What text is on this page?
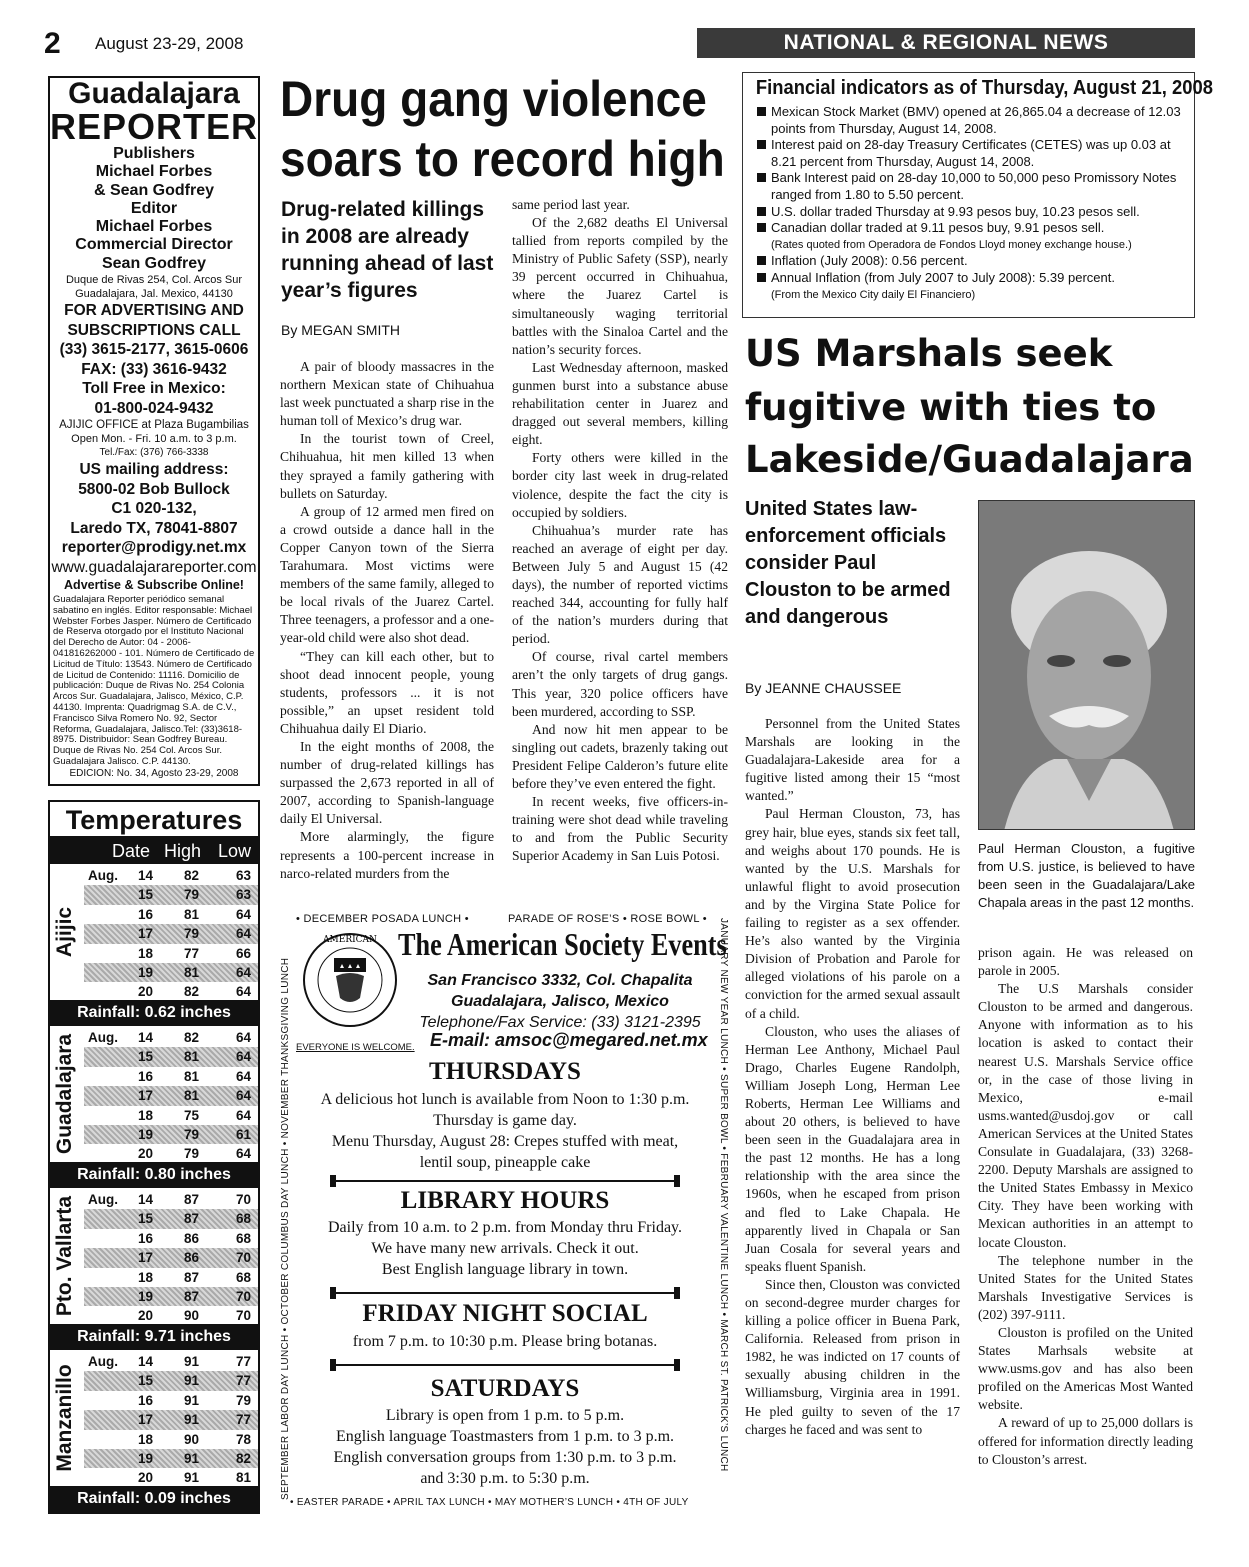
2 August 23-29, 2008	NATIONAL & REGIONAL NEWS
Guadalajara
REPORTER
Publishers
Michael Forbes
& Sean Godfrey
Editor
Michael Forbes
Commercial Director
Sean Godfrey
Duque de Rivas 254, Col. Arcos Sur
Guadalajara, Jal. Mexico, 44130
FOR ADVERTISING AND
SUBSCRIPTIONS CALL
(33) 3615-2177, 3615-0606
FAX: (33) 3616-9432
Toll Free in Mexico:
01-800-024-9432
AJIJIC OFFICE at Plaza Bugambilias
Open Mon. - Fri. 10 a.m. to 3 p.m.
Tel./Fax: (376) 766-3338
US mailing address:
5800-02 Bob Bullock
C1 020-132,
Laredo TX, 78041-8807
reporter@prodigy.net.mx
www.guadalajarareporter.com
Advertise & Subscribe Online!
Guadalajara Reporter periódico semanal sabatino en inglés. Editor responsable: Michael Webster Forbes Jasper. Número de Certificado de Reserva otorgado por el Instituto Nacional del Derecho de Autor: 04 - 2006- 041816262000 - 101. Número de Certificado de Licitud de Título: 13543. Número de Certificado de Licitud de Contenido: 11116. Domicilio de publicación: Duque de Rivas No. 254 Colonia Arcos Sur. Guadalajara, Jalisco, México, C.P. 44130. Imprenta: Quadrigmag S.A. de C.V., Francisco Silva Romero No. 92, Sector Reforma, Guadalajara, Jalisco.Tel: (33)3618-8975. Distribuidor: Sean Godfrey Bureau. Duque de Rivas No. 254 Col. Arcos Sur. Guadalajara Jalisco. C.P. 44130.
EDICION: No. 34, Agosto 23-29, 2008
Temperatures
Date High Low
Ajijic
Aug. 14 82	63
15 79	63
16 81	64
17 79	64
18 77	66
19 81	64
20 82	64
Rainfall: 0.62 inches
Guadalajara Aug. 14 82	64
15 81	64
16 81	64
17 81	64
18 75	64
19 79	61
20 79	64
Rainfall: 0.80 inches
Pto. Vallarta Aug. 14 87	70
15 87	68
16 86	68
17 86	70
18 87	68
19 87	70
20 90	70
Rainfall: 9.71 inches
Manzanillo
Aug. 14 91	77
15 91	77
16 91	79
17 91	77
18 90	78
19 91	82
20 91	81
Rainfall: 0.09 inches
Drug gang violence
soars to record high
Drug-related killings in 2008 are already running ahead of last year’s figures
By MEGAN SMITH

A pair of bloody massacres in the northern Mexican state of Chihuahua last week punctuated a sharp rise in the human toll of Mexico’s drug war.

In the tourist town of Creel, Chihuahua, hit men killed 13 when they sprayed a family gathering with bullets on Saturday.

A group of 12 armed men fired on a crowd outside a dance hall in the Copper Canyon town of the Sierra Tarahumara. Most victims were members of the same family, alleged to be local rivals of the Juarez Cartel. Three teenagers, a professor and a one-year-old child were also shot dead.

“They can kill each other, but to shoot dead innocent people, young students, professors ... it is not possible,” an upset resident told Chihuahua daily El Diario.

In the eight months of 2008, the number of drug-related killings has surpassed the 2,673 reported in all of 2007, according to Spanish-language daily El Universal.

More alarmingly, the figure represents a 100-percent increase in narco-related murders from the

same period last year.

Of the 2,682 deaths El Universal tallied from reports compiled by the Ministry of Public Safety (SSP), nearly 39 percent occurred in Chihuahua, where the Juarez Cartel is simultaneously waging territorial battles with the Sinaloa Cartel and the nation’s security forces.

Last Wednesday afternoon, masked gunmen burst into a substance abuse rehabilitation center in Juarez and dragged out several members, killing eight.

Forty others were killed in the border city last week in drug-related violence, despite the fact the city is occupied by soldiers.

Chihuahua’s murder rate has reached an average of eight per day. Between July 5 and August 15 (42 days), the number of reported victims reached 344, accounting for fully half of the nation’s murders during that period.

Of course, rival cartel members aren’t the only targets of drug gangs. This year, 320 police officers have been murdered, according to SSP.

And now hit men appear to be singling out cadets, brazenly taking out President Felipe Calderon’s future elite before they’ve even entered the fight.

In recent weeks, five officers-in-training were shot dead while traveling to and from the Public Security Superior Academy in San Luis Potosi.

Financial indicators as of Thursday, August 21, 2008
Mexican Stock Market (BMV) opened at 26,865.04 a decrease of 12.03 points from Thursday, August 14, 2008.
Interest paid on 28-day Treasury Certificates (CETES) was up 0.03 at 8.21 percent from Thursday, August 14, 2008.
Bank Interest paid on 28-day 10,000 to 50,000 peso Promissory Notes ranged from 1.80 to 5.50 percent.
U.S. dollar traded Thursday at 9.93 pesos buy, 10.23 pesos sell.
Canadian dollar traded at 9.11 pesos buy, 9.91 pesos sell.
(Rates quoted from Operadora de Fondos Lloyd money exchange house.)
Inflation (July 2008): 0.56 percent.
Annual Inflation (from July 2007 to July 2008): 5.39 percent.
(From the Mexico City daily El Financiero)
US Marshals seek
fugitive with ties to
Lakeside/Guadalajara
United States law-enforcement officials consider Paul Clouston to be armed and dangerous
By JEANNE CHAUSSEE
Paul Herman Clouston, a fugitive from U.S. justice, is believed to have been seen in the Guadalajara/Lake Chapala areas in the past 12 months.

Personnel from the United States Marshals are looking in the Guadalajara-Lakeside area for a fugitive listed among their 15 “most wanted.”

Paul Herman Clouston, 73, has grey hair, blue eyes, stands six feet tall, and weighs about 170 pounds. He is wanted by the U.S. Marshals for unlawful flight to avoid prosecution and by the Virgina State Police for failing to register as a sex offender. He’s also wanted by the Virginia Division of Probation and Parole for alleged violations of his parole on a conviction for the armed sexual assault of a child.

Clouston, who uses the aliases of Herman Lee Anthony, Michael Paul Drago, Charles Eugene Randolph, William Joseph Long, Herman Lee Roberts, Herman Lee Williams and about 20 others, is believed to have been seen in the Guadalajara area in the past 12 months. He has a long relationship with the area since the 1960s, when he escaped from prison and fled to Lake Chapala. He apparently lived in Chapala or San Juan Cosala for several years and speaks fluent Spanish.

Since then, Clouston was convicted on second-degree murder charges for killing a police officer in Buena Park, California. Released from prison in 1982, he was indicted on 17 counts of sexually abusing children in the Williamsburg, Virginia area in 1991. He pled guilty to seven of the 17 charges he faced and was sent to

prison again. He was released on parole in 2005.

The U.S Marshals consider Clouston to be armed and dangerous. Anyone with information as to his location is asked to contact their nearest U.S. Marshals Service office or, in the case of those living in Mexico, e-mail usms.wanted@usdoj.gov or call American Services at the United States Consulate in Guadalajara, (33) 3268-2200. Deputy Marshals are assigned to the United States Embassy in Mexico City. They have been working with Mexican authorities in an attempt to locate Clouston.

The telephone number in the United States for the United States Marshals Investigative Services is (202) 397-9111.

Clouston is profiled on the United States Marhsals website at www.usms.gov and has also been profiled on the Americas Most Wanted website.

A reward of up to 25,000 dollars is offered for information directly leading to Clouston’s arrest.

• DECEMBER POSADA LUNCH •	PARADE OF ROSE’S • ROSE BOWL •
SEPTEMBER LABOR DAY LUNCH • OCTOBER COLUMBUS DAY LUNCH • NOVEMBER THANKSGIVING LUNCH	JANUARY NEW YEAR LUNCH • SUPER BOWL • FEBRUARY VALENTINE LUNCH • MARCH ST. PATRICK’S LUNCH
• EASTER PARADE • APRIL TAX LUNCH • MAY MOTHER’S LUNCH • 4TH OF JULY
AMERICAN The American Society Events
San Francisco 3332, Col. Chapalita
Guadalajara, Jalisco, Mexico
Telephone/Fax Service: (33) 3121-2395
E-mail: amsoc@megared.net.mx
EVERYONE IS WELCOME.
THURSDAYS
A delicious hot lunch is available from Noon to 1:30 p.m.
Thursday is game day.
Menu Thursday, August 28: Crepes stuffed with meat,
lentil soup, pineapple cake
LIBRARY HOURS
Daily from 10 a.m. to 2 p.m. from Monday thru Friday.
We have many new arrivals. Check it out.
Best English language library in town.
FRIDAY NIGHT SOCIAL
from 7 p.m. to 10:30 p.m. Please bring botanas.
SATURDAYS
Library is open from 1 p.m. to 5 p.m.
English language Toastmasters from 1 p.m. to 3 p.m.
English conversation groups from 1:30 p.m. to 3 p.m.
and 3:30 p.m. to 5:30 p.m.
